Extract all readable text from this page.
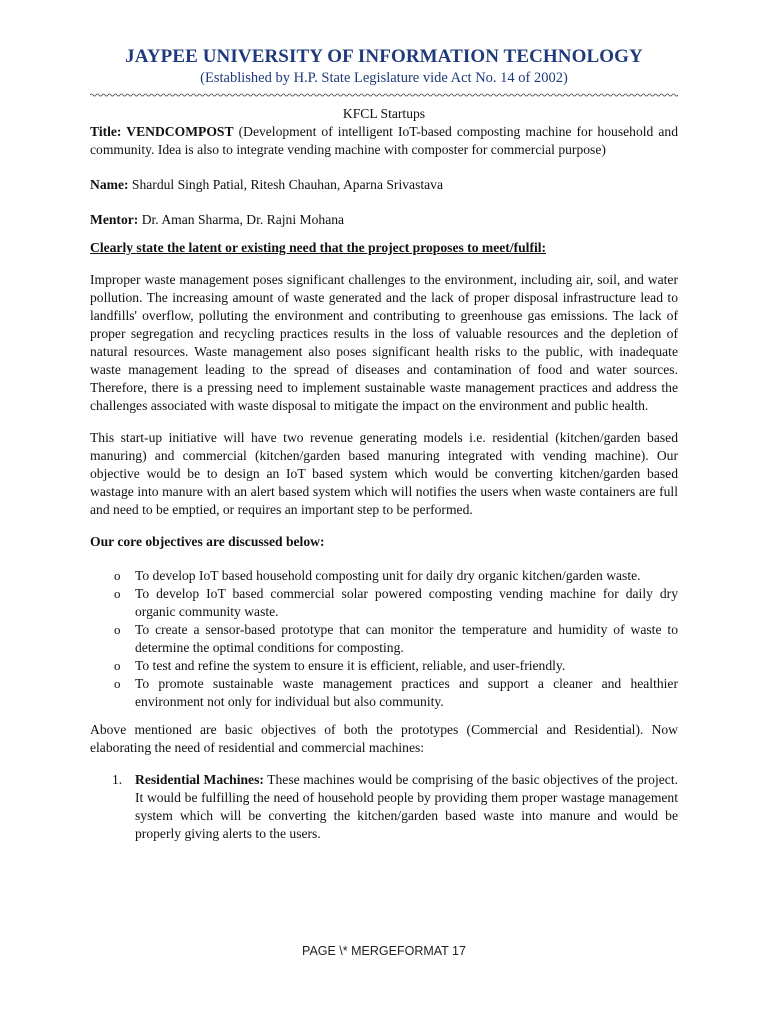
JAYPEE UNIVERSITY OF INFORMATION TECHNOLOGY
(Established by H.P. State Legislature vide Act No. 14 of 2002)

KFCL Startups

Title: VENDCOMPOST (Development of intelligent IoT-based composting machine for household and community. Idea is also to integrate vending machine with composter for commercial purpose)

Name: Shardul Singh Patial, Ritesh Chauhan, Aparna Srivastava

Mentor: Dr. Aman Sharma, Dr. Rajni Mohana

Clearly state the latent or existing need that the project proposes to meet/fulfil:

Improper waste management poses significant challenges to the environment, including air, soil, and water pollution. The increasing amount of waste generated and the lack of proper disposal infrastructure lead to landfills' overflow, polluting the environment and contributing to greenhouse gas emissions. The lack of proper segregation and recycling practices results in the loss of valuable resources and the depletion of natural resources. Waste management also poses significant health risks to the public, with inadequate waste management leading to the spread of diseases and contamination of food and water sources. Therefore, there is a pressing need to implement sustainable waste management practices and address the challenges associated with waste disposal to mitigate the impact on the environment and public health.

This start-up initiative will have two revenue generating models i.e. residential (kitchen/garden based manuring) and commercial (kitchen/garden based manuring integrated with vending machine). Our objective would be to design an IoT based system which would be converting kitchen/garden based wastage into manure with an alert based system which will notifies the users when waste containers are full and need to be emptied, or requires an important step to be performed.

Our core objectives are discussed below:

o To develop IoT based household composting unit for daily dry organic kitchen/garden waste.
o To develop IoT based commercial solar powered composting vending machine for daily dry organic community waste.
o To create a sensor-based prototype that can monitor the temperature and humidity of waste to determine the optimal conditions for composting.
o To test and refine the system to ensure it is efficient, reliable, and user-friendly.
o To promote sustainable waste management practices and support a cleaner and healthier environment not only for individual but also community.

Above mentioned are basic objectives of both the prototypes (Commercial and Residential). Now elaborating the need of residential and commercial machines:

1. Residential Machines: These machines would be comprising of the basic objectives of the project. It would be fulfilling the need of household people by providing them proper wastage management system which will be converting the kitchen/garden based waste into manure and would be properly giving alerts to the users.
PAGE \* MERGEFORMAT 17
